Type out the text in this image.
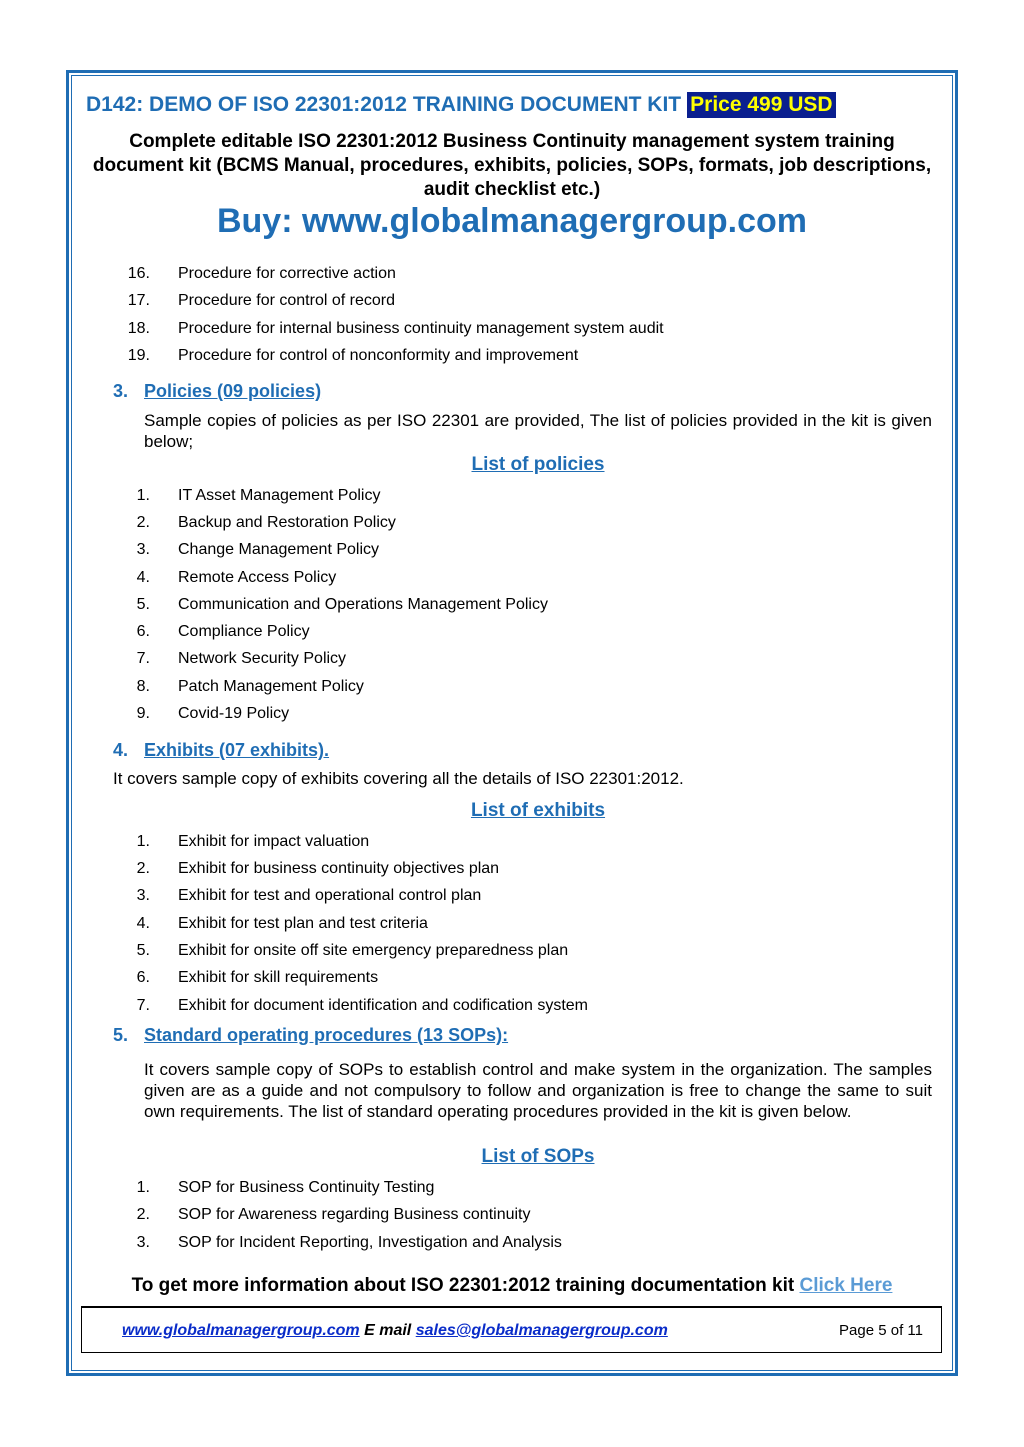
D142: DEMO OF ISO 22301:2012 TRAINING DOCUMENT KIT Price 499 USD
Complete editable ISO 22301:2012 Business Continuity management system training document kit (BCMS Manual, procedures, exhibits, policies, SOPs, formats, job descriptions, audit checklist etc.)
Buy: www.globalmanagergroup.com
16. Procedure for corrective action
17. Procedure for control of record
18. Procedure for internal business continuity management system audit
19. Procedure for control of nonconformity and improvement
3. Policies (09 policies)
Sample copies of policies as per ISO 22301 are provided, The list of policies provided in the kit is given below;
List of policies
1. IT Asset Management Policy
2. Backup and Restoration Policy
3. Change Management Policy
4. Remote Access Policy
5. Communication and Operations Management Policy
6. Compliance Policy
7. Network Security Policy
8. Patch Management Policy
9. Covid-19 Policy
4. Exhibits (07 exhibits).
It covers sample copy of exhibits covering all the details of ISO 22301:2012.
List of exhibits
1. Exhibit for impact valuation
2. Exhibit for business continuity objectives plan
3. Exhibit for test and operational control plan
4. Exhibit for test plan and test criteria
5. Exhibit for onsite off site emergency preparedness plan
6. Exhibit for skill requirements
7. Exhibit for document identification and codification system
5. Standard operating procedures (13 SOPs):
It covers sample copy of SOPs to establish control and make system in the organization. The samples given are as a guide and not compulsory to follow and organization is free to change the same to suit own requirements. The list of standard operating procedures provided in the kit is given below.
List of SOPs
1. SOP for Business Continuity Testing
2. SOP for Awareness regarding Business continuity
3. SOP for Incident Reporting, Investigation and Analysis
To get more information about ISO 22301:2012 training documentation kit Click Here
www.globalmanagergroup.com E mail sales@globalmanagergroup.com	Page 5 of 11
